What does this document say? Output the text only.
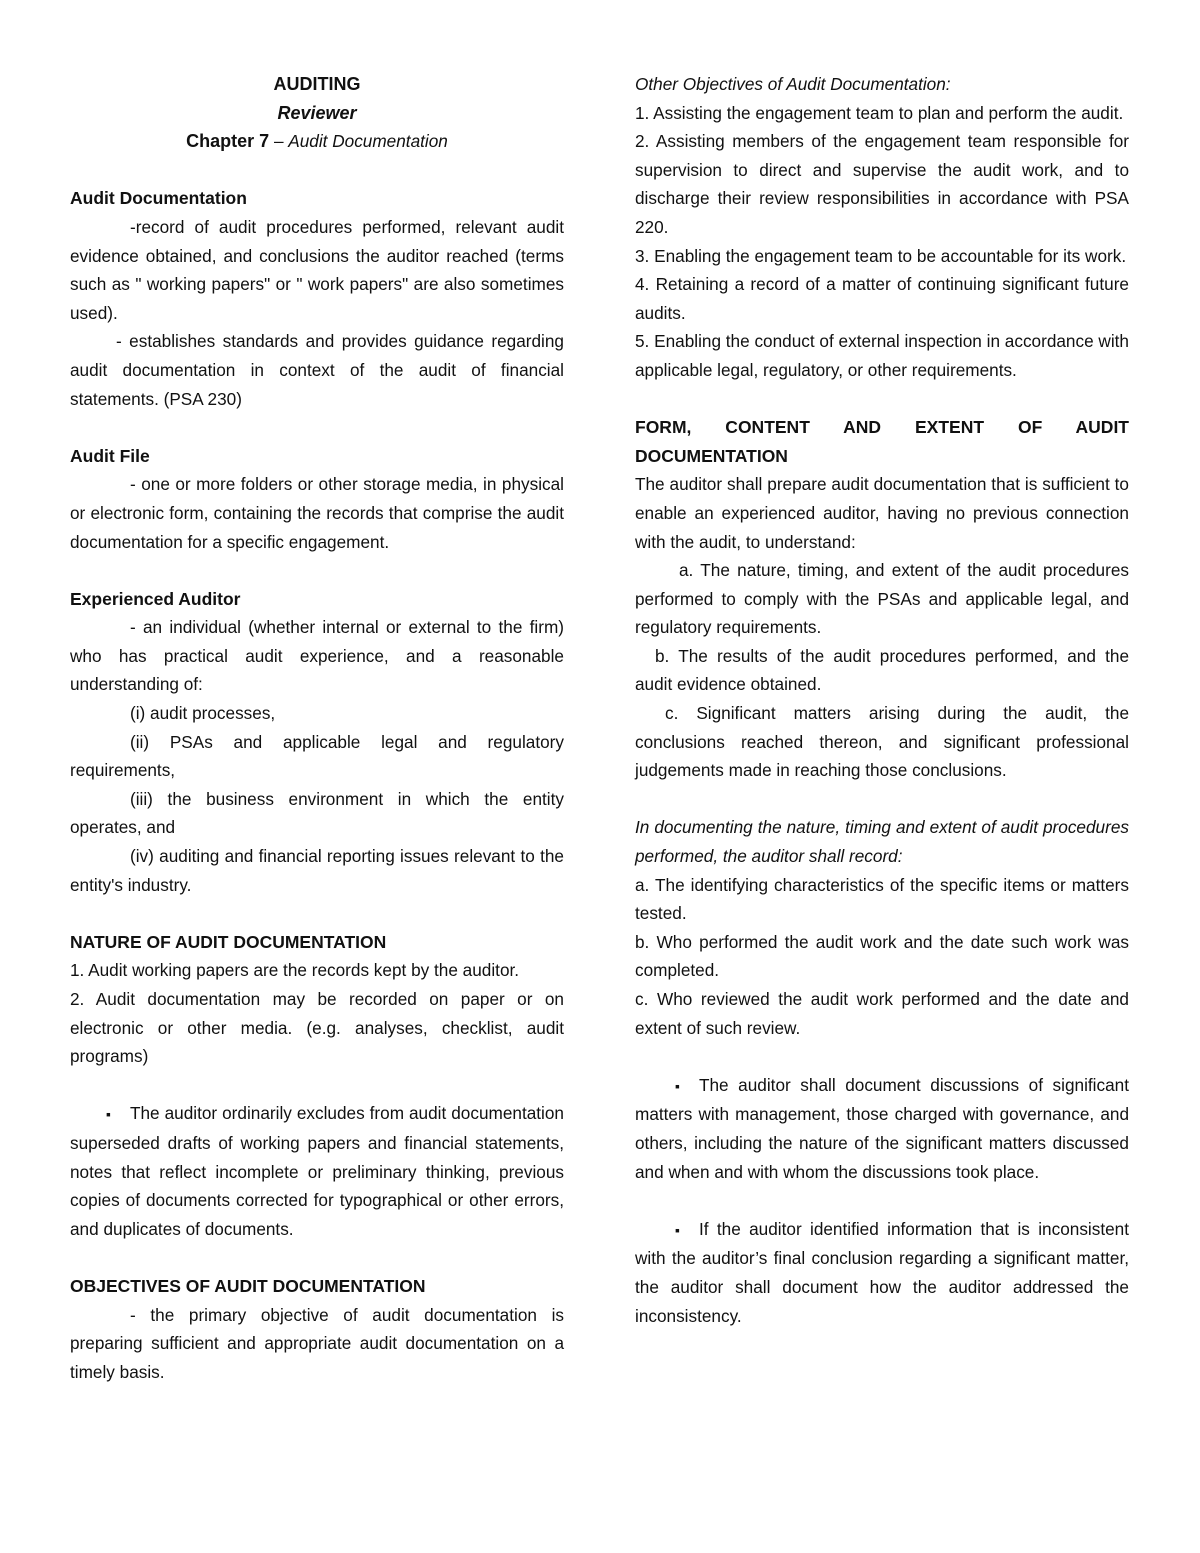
AUDITING

Reviewer

Chapter 7 – Audit Documentation

Audit Documentation

-record of audit procedures performed, relevant audit evidence obtained, and conclusions the auditor reached (terms such as " working papers" or " work papers" are also sometimes used).

- establishes standards and provides guidance regarding audit documentation in context of the audit of financial statements. (PSA 230)

Audit File

- one or more folders or other storage media, in physical or electronic form, containing the records that comprise the audit documentation for a specific engagement.

Experienced Auditor

- an individual (whether internal or external to the firm) who has practical audit experience, and a reasonable understanding of:

(i) audit processes,

(ii) PSAs and applicable legal and regulatory requirements,

(iii) the business environment in which the entity operates, and

(iv) auditing and financial reporting issues relevant to the entity's industry.

NATURE OF AUDIT DOCUMENTATION

1. Audit working papers are the records kept by the auditor.

2. Audit documentation may be recorded on paper or on electronic or other media. (e.g. analyses, checklist, audit programs)

▪The auditor ordinarily excludes from audit documentation superseded drafts of working papers and financial statements, notes that reflect incomplete or preliminary thinking, previous copies of documents corrected for typographical or other errors, and duplicates of documents.

OBJECTIVES OF AUDIT DOCUMENTATION

- the primary objective of audit documentation is preparing sufficient and appropriate audit documentation on a timely basis.

Other Objectives of Audit Documentation:

1. Assisting the engagement team to plan and perform the audit.

2. Assisting members of the engagement team responsible for supervision to direct and supervise the audit work, and to discharge their review responsibilities in accordance with PSA 220.

3. Enabling the engagement team to be accountable for its work.

4. Retaining a record of a matter of continuing significant future audits.

5. Enabling the conduct of external inspection in accordance with applicable legal, regulatory, or other requirements.

FORM, CONTENT AND EXTENT OF AUDIT DOCUMENTATION

The auditor shall prepare audit documentation that is sufficient to enable an experienced auditor, having no previous connection with the audit, to understand:

a. The nature, timing, and extent of the audit procedures performed to comply with the PSAs and applicable legal, and regulatory requirements.

b. The results of the audit procedures performed, and the audit evidence obtained.

c. Significant matters arising during the audit, the conclusions reached thereon, and significant professional judgements made in reaching those conclusions.

In documenting the nature, timing and extent of audit procedures performed, the auditor shall record:

a. The identifying characteristics of the specific items or matters tested.

b. Who performed the audit work and the date such work was completed.

c. Who reviewed the audit work performed and the date and extent of such review.

▪The auditor shall document discussions of significant matters with management, those charged with governance, and others, including the nature of the significant matters discussed and when and with whom the discussions took place.

▪If the auditor identified information that is inconsistent with the auditor’s final conclusion regarding a significant matter, the auditor shall document how the auditor addressed the inconsistency.
